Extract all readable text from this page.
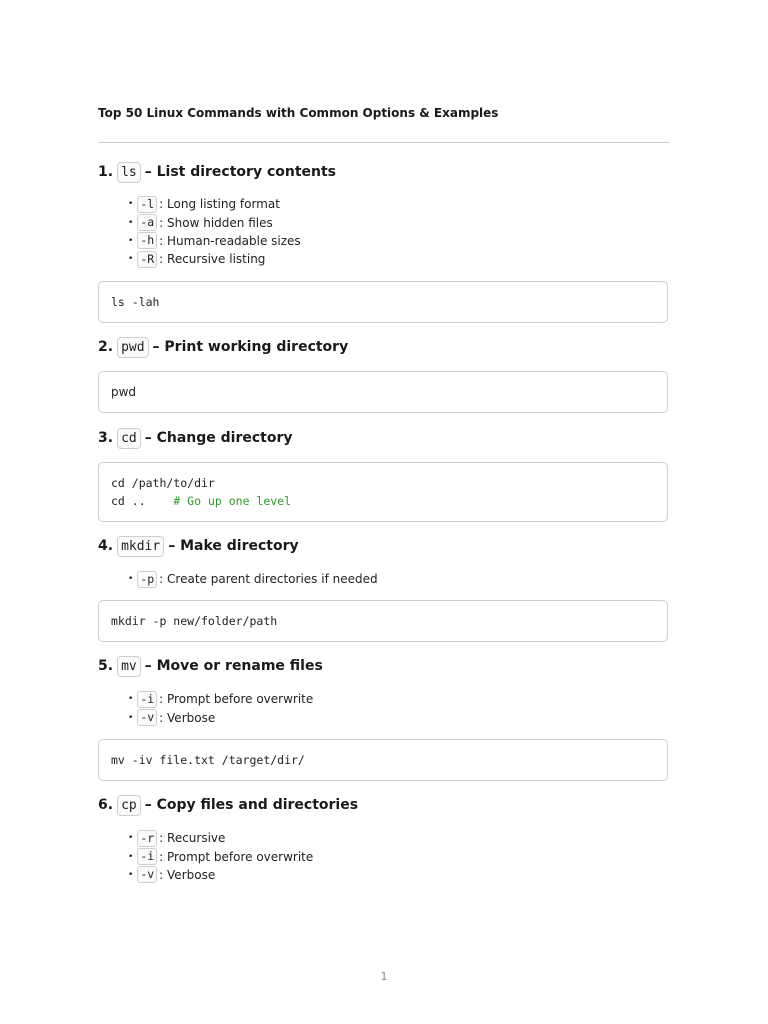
Top 50 Linux Commands with Common Options & Examples
1. ls – List directory contents
• -l : Long listing format
• -a : Show hidden files
• -h : Human-readable sizes
• -R : Recursive listing
ls -lah
2. pwd – Print working directory
pwd
3. cd – Change directory
cd /path/to/dir
cd .. # Go up one level
4. mkdir – Make directory
• -p : Create parent directories if needed
mkdir -p new/folder/path
5. mv – Move or rename files
• -i : Prompt before overwrite
• -v : Verbose
mv -iv file.txt /target/dir/
6. cp – Copy files and directories
• -r : Recursive
• -i : Prompt before overwrite
• -v : Verbose
1
